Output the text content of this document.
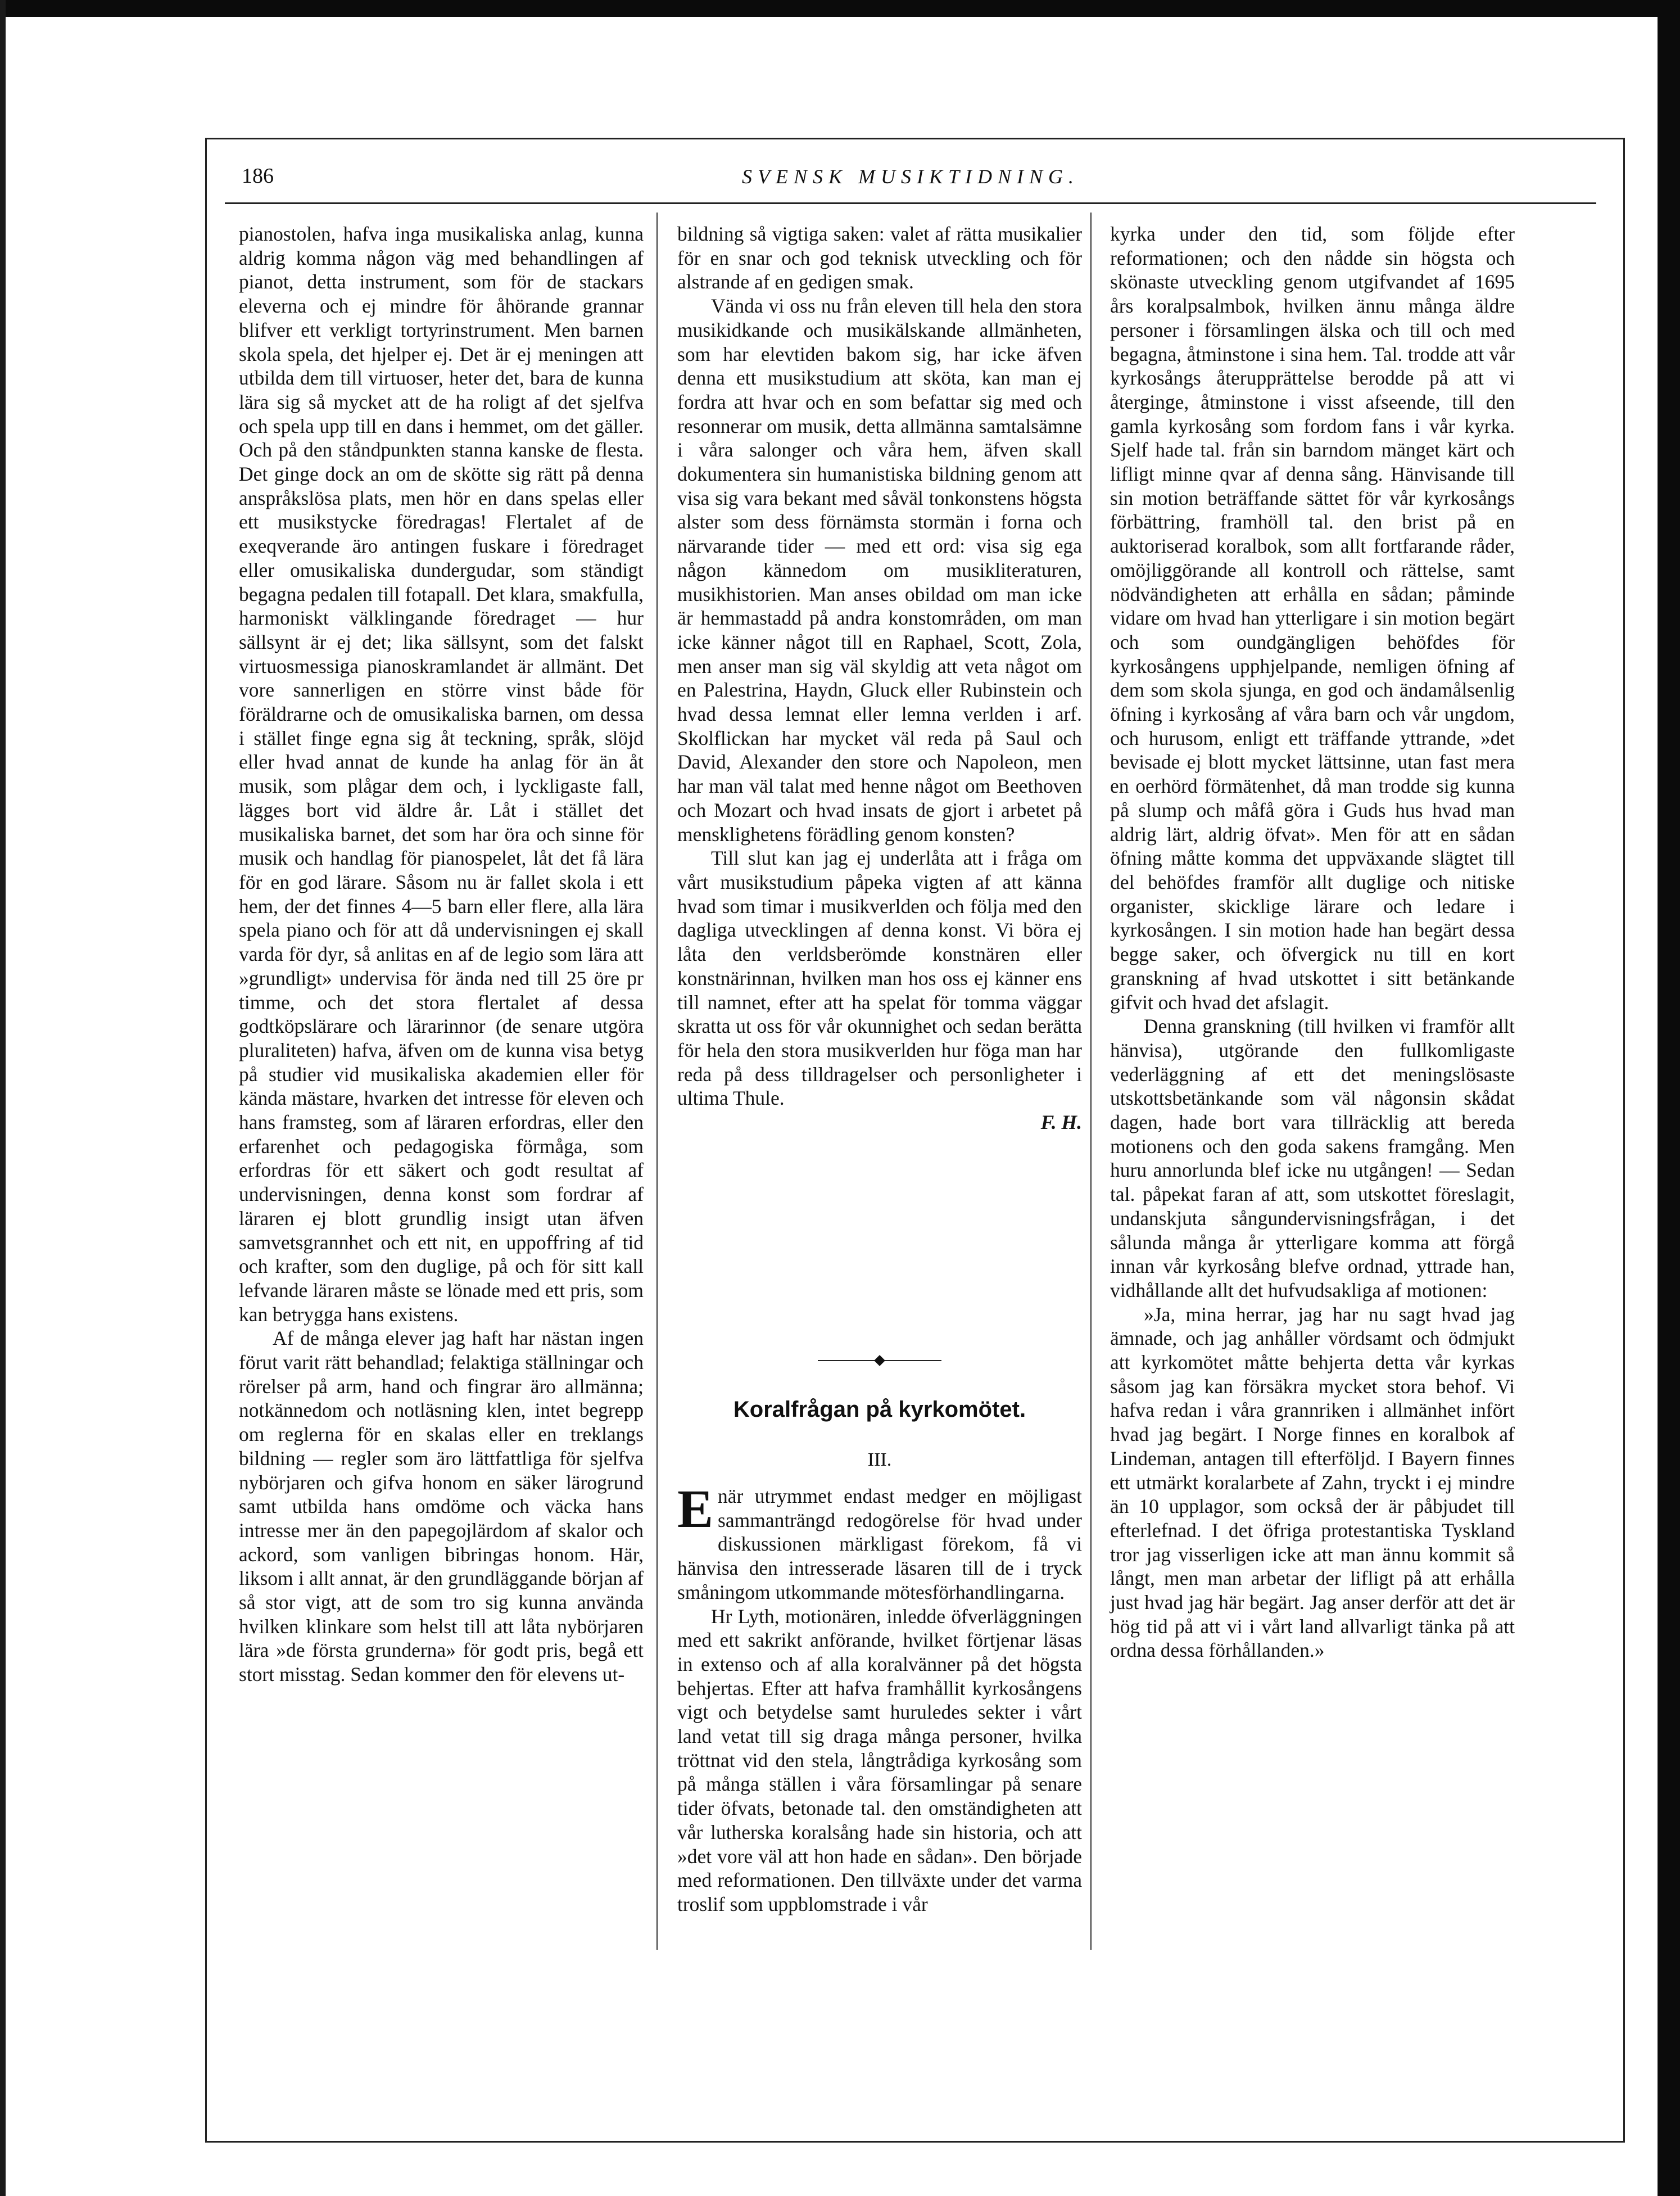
186	SVENSK MUSIKTIDNING.

pianostolen, hafva inga musikaliska anlag, kunna aldrig komma någon väg med behandlingen af pianot, detta instrument, som för de stackars eleverna och ej mindre för åhörande grannar blifver ett verkligt tortyrinstrument. Men barnen skola spela, det hjelper ej. Det är ej meningen att utbilda dem till virtuoser, heter det, bara de kunna lära sig så mycket att de ha roligt af det sjelfva och spela upp till en dans i hemmet, om det gäller. Och på den ståndpunkten stanna kanske de flesta. Det ginge dock an om de skötte sig rätt på denna anspråkslösa plats, men hör en dans spelas eller ett musikstycke föredragas! Flertalet af de exeqverande äro antingen fuskare i föredraget eller omusikaliska dundergudar, som ständigt begagna pedalen till fotapall. Det klara, smakfulla, harmoniskt välklingande föredraget — hur sällsynt är ej det; lika sällsynt, som det falskt virtuosmessiga pianoskramlandet är allmänt. Det vore sannerligen en större vinst både för föräldrarne och de omusikaliska barnen, om dessa i stället finge egna sig åt teckning, språk, slöjd eller hvad annat de kunde ha anlag för än åt musik, som plågar dem och, i lyckligaste fall, lägges bort vid äldre år. Låt i stället det musikaliska barnet, det som har öra och sinne för musik och handlag för pianospelet, låt det få lära för en god lärare. Såsom nu är fallet skola i ett hem, der det finnes 4—5 barn eller flere, alla lära spela piano och för att då undervisningen ej skall varda för dyr, så anlitas en af de legio som lära att »grundligt» undervisa för ända ned till 25 öre pr timme, och det stora flertalet af dessa godtköpslärare och lärarinnor (de senare utgöra pluraliteten) hafva, äfven om de kunna visa betyg på studier vid musikaliska akademien eller för kända mästare, hvarken det intresse för eleven och hans framsteg, som af läraren erfordras, eller den erfarenhet och pedagogiska förmåga, som erfordras för ett säkert och godt resultat af undervisningen, denna konst som fordrar af läraren ej blott grundlig insigt utan äfven samvetsgrannhet och ett nit, en uppoffring af tid och krafter, som den duglige, på och för sitt kall lefvande läraren måste se lönade med ett pris, som kan betrygga hans existens.

Af de många elever jag haft har nästan ingen förut varit rätt behandlad; felaktiga ställningar och rörelser på arm, hand och fingrar äro allmänna; notkännedom och notläsning klen, intet begrepp om reglerna för en skalas eller en treklangs bildning — regler som äro lättfattliga för sjelfva nybörjaren och gifva honom en säker lärogrund samt utbilda hans omdöme och väcka hans intresse mer än den papegojlärdom af skalor och ackord, som vanligen bibringas honom. Här, liksom i allt annat, är den grundläggande början af så stor vigt, att de som tro sig kunna använda hvilken klinkare som helst till att låta nybörjaren lära »de första grunderna» för godt pris, begå ett stort misstag. Sedan kommer den för elevens ut-

bildning så vigtiga saken: valet af rätta musikalier för en snar och god teknisk utveckling och för alstrande af en gedigen smak.

Vända vi oss nu från eleven till hela den stora musikidkande och musikälskande allmänheten, som har elevtiden bakom sig, har icke äfven denna ett musikstudium att sköta, kan man ej fordra att hvar och en som befattar sig med och resonnerar om musik, detta allmänna samtalsämne i våra salonger och våra hem, äfven skall dokumentera sin humanistiska bildning genom att visa sig vara bekant med såväl tonkonstens högsta alster som dess förnämsta stormän i forna och närvarande tider — med ett ord: visa sig ega någon kännedom om musikliteraturen, musikhistorien. Man anses obildad om man icke är hemmastadd på andra konstområden, om man icke känner något till en Raphael, Scott, Zola, men anser man sig väl skyldig att veta något om en Palestrina, Haydn, Gluck eller Rubinstein och hvad dessa lemnat eller lemna verlden i arf. Skolflickan har mycket väl reda på Saul och David, Alexander den store och Napoleon, men har man väl talat med henne något om Beethoven och Mozart och hvad insats de gjort i arbetet på mensklighetens förädling genom konsten?

Till slut kan jag ej underlåta att i fråga om vårt musikstudium påpeka vigten af att känna hvad som timar i musikverlden och följa med den dagliga utvecklingen af denna konst. Vi böra ej låta den verldsberömde konstnären eller konstnärinnan, hvilken man hos oss ej känner ens till namnet, efter att ha spelat för tomma väggar skratta ut oss för vår okunnighet och sedan berätta för hela den stora musikverlden hur föga man har reda på dess tilldragelser och personligheter i ultima Thule.

F. H.
Koralfrågan på kyrkomötet.
III.

Enär utrymmet endast medger en möjligast sammanträngd redogörelse för hvad under diskussionen märkligast förekom, få vi hänvisa den intresserade läsaren till de i tryck småningom utkommande mötesförhandlingarna.

Hr Lyth, motionären, inledde öfverläggningen med ett sakrikt anförande, hvilket förtjenar läsas in extenso och af alla koralvänner på det högsta behjertas. Efter att hafva framhållit kyrkosångens vigt och betydelse samt huruledes sekter i vårt land vetat till sig draga många personer, hvilka tröttnat vid den stela, långtrådiga kyrkosång som på många ställen i våra församlingar på senare tider öfvats, betonade tal. den omständigheten att vår lutherska koralsång hade sin historia, och att »det vore väl att hon hade en sådan». Den började med reformationen. Den tillväxte under det varma troslif som uppblomstrade i vår

kyrka under den tid, som följde efter reformationen; och den nådde sin högsta och skönaste utveckling genom utgifvandet af 1695 års koralpsalmbok, hvilken ännu många äldre personer i församlingen älska och till och med begagna, åtminstone i sina hem. Tal. trodde att vår kyrkosångs återupprättelse berodde på att vi återginge, åtminstone i visst afseende, till den gamla kyrkosång som fordom fans i vår kyrka. Sjelf hade tal. från sin barndom mänget kärt och lifligt minne qvar af denna sång. Hänvisande till sin motion beträffande sättet för vår kyrkosångs förbättring, framhöll tal. den brist på en auktoriserad koralbok, som allt fortfarande råder, omöjliggörande all kontroll och rättelse, samt nödvändigheten att erhålla en sådan; påminde vidare om hvad han ytterligare i sin motion begärt och som oundgängligen behöfdes för kyrkosångens upphjelpande, nemligen öfning af dem som skola sjunga, en god och ändamålsenlig öfning i kyrkosång af våra barn och vår ungdom, och hurusom, enligt ett träffande yttrande, »det bevisade ej blott mycket lättsinne, utan fast mera en oerhörd förmätenhet, då man trodde sig kunna på slump och måfå göra i Guds hus hvad man aldrig lärt, aldrig öfvat». Men för att en sådan öfning måtte komma det uppväxande slägtet till del behöfdes framför allt duglige och nitiske organister, skicklige lärare och ledare i kyrkosången. I sin motion hade han begärt dessa begge saker, och öfvergick nu till en kort granskning af hvad utskottet i sitt betänkande gifvit och hvad det afslagit.

Denna granskning (till hvilken vi framför allt hänvisa), utgörande den fullkomligaste vederläggning af ett det meningslösaste utskottsbetänkande som väl någonsin skådat dagen, hade bort vara tillräcklig att bereda motionens och den goda sakens framgång. Men huru annorlunda blef icke nu utgången! — Sedan tal. påpekat faran af att, som utskottet föreslagit, undanskjuta sångundervisningsfrågan, i det sålunda många år ytterligare komma att förgå innan vår kyrkosång blefve ordnad, yttrade han, vidhållande allt det hufvudsakliga af motionen:

»Ja, mina herrar, jag har nu sagt hvad jag ämnade, och jag anhåller vördsamt och ödmjukt att kyrkomötet måtte behjerta detta vår kyrkas såsom jag kan försäkra mycket stora behof. Vi hafva redan i våra grannriken i allmänhet infört hvad jag begärt. I Norge finnes en koralbok af Lindeman, antagen till efterföljd. I Bayern finnes ett utmärkt koralarbete af Zahn, tryckt i ej mindre än 10 upplagor, som också der är påbjudet till efterlefnad. I det öfriga protestantiska Tyskland tror jag visserligen icke att man ännu kommit så långt, men man arbetar der lifligt på att erhålla just hvad jag här begärt. Jag anser derför att det är hög tid på att vi i vårt land allvarligt tänka på att ordna dessa förhållanden.»
